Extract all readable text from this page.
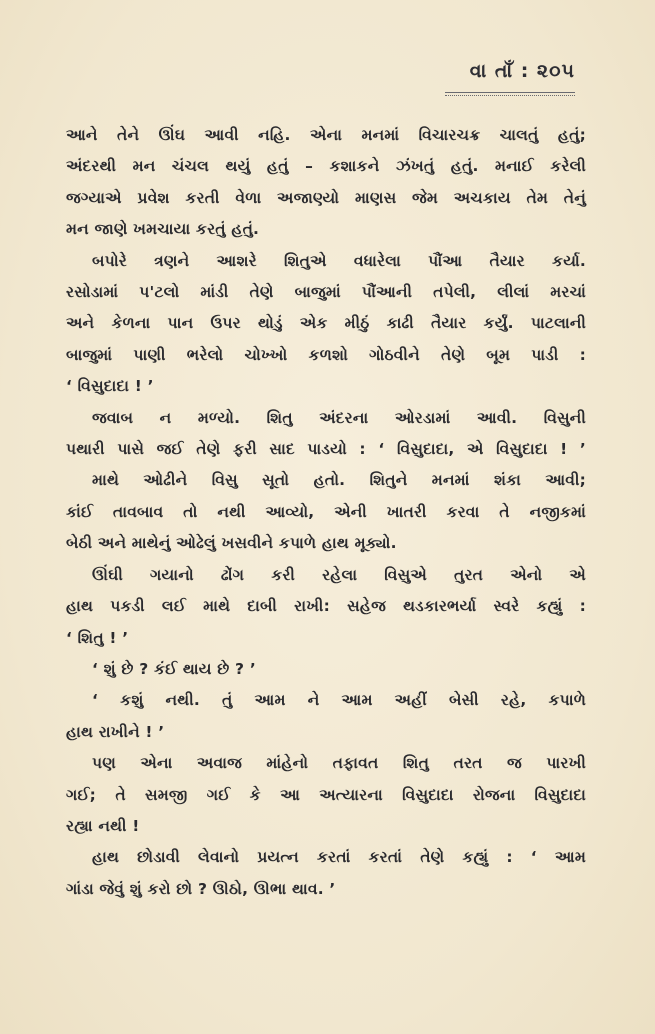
વા તાઁ : ૨૦૫
આને તેને ઊંઘ આવી નહિ. એના મનમાં વિચારચક્ર ચાલતું હતું;
અંદરથી મન ચંચલ થયું હતું – કશાકને ઝંખતું હતું. મનાઈ કરેલી
જગ્યાએ પ્રવેશ કરતી વેળા અજાણ્યો માણસ જેમ અચકાય તેમ તેનું
મન જાણે ખમચાયા કરતું હતું.
બપોરે ત્રણને આશરે શિતુએ વધારેલા પૌંઆ તૈયાર કર્યા.
રસોડામાં પ'ટલો માંડી તેણે બાજુમાં પૌંઆની તપેલી, લીલાં મરચાં
અને કેળના પાન ઉપર થોડું એક મીઠું કાઢી તૈયાર કર્યું. પાટલાની
બાજુમાં પાણી ભરેલો ચોખ્ખો કળશો ગોઠવીને તેણે બૂમ પાડી :
‘ વિસુદાદા ! ’
જવાબ ન મળ્યો. શિતુ અંદરના ઓરડામાં આવી. વિસુની
પથારી પાસે જઈ તેણે ફરી સાદ પાડયો : ‘ વિસુદાદા, એ વિસુદાદા ! ’
માથે ઓઢીને વિસુ સૂતો હતો. શિતુને મનમાં શંકા આવી;
કાંઈ તાવબાવ તો નથી આવ્યો, એની ખાતરી કરવા તે નજીકમાં
બેઠી અને માથેનું ઓઢેલું ખસવીને કપાળે હાથ મૂક્યો.
ઊંઘી ગયાનો ઢોંગ કરી રહેલા વિસુએ તુરત એનો એ
હાથ પકડી લઈ માથે દાબી રાખી: સહેજ થડકારભર્યા સ્વરે કહ્યું :
‘ શિતુ ! ’
‘ શું છે ? કંઈ થાય છે ? ’
‘ કશું નથી. તું આમ ને આમ અહીં બેસી રહે, કપાળે
હાથ રાખીને ! ’
પણ એના અવાજ માંહેનો તફાવત શિતુ તરત જ પારખી
ગઈ; તે સમજી ગઈ કે આ અત્યારના વિસુદાદા રોજના વિસુદાદા
રહ્યા નથી !
હાથ છોડાવી લેવાનો પ્રયત્ન કરતાં કરતાં તેણે કહ્યું : ‘ આમ
ગાંડા જેવું શું કરો છો ? ઊઠો, ઊભા થાવ. ’
